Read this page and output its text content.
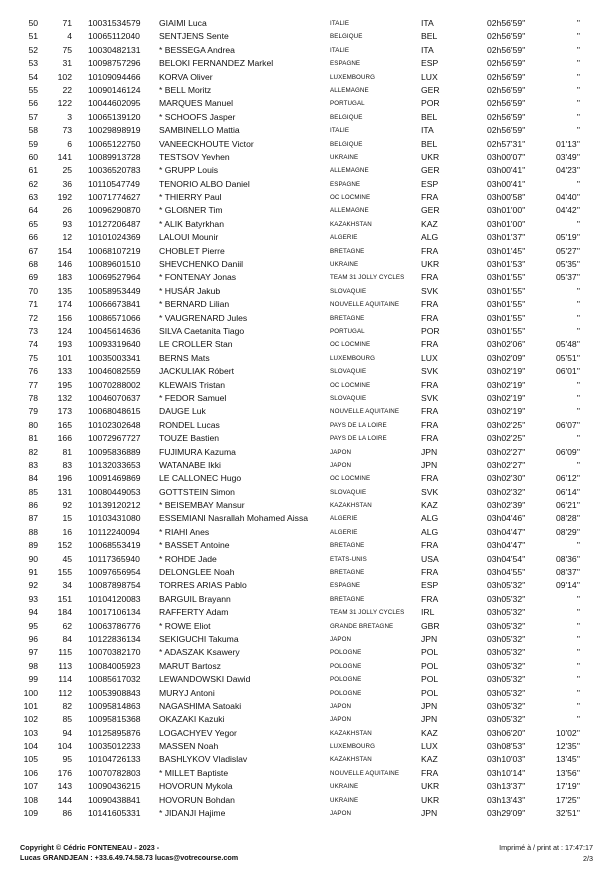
50	71 10031534579 GIAIMI Luca	ITALIE	ITA	02h56'59''	''
51	4 10065112040 SENTJENS Sente	BELGIQUE	BEL	02h56'59''	''
52	75 10030482131 * BESSEGA Andrea	ITALIE	ITA	02h56'59''	''
53	31 10098757296 BELOKI FERNANDEZ Markel	ESPAGNE	ESP	02h56'59''	''
54	102 10109094466 KORVA Oliver	LUXEMBOURG	LUX	02h56'59''	''
55	22 10090146124 * BELL Moritz	ALLEMAGNE	GER	02h56'59''	''
56	122 10044602095 MARQUES Manuel	PORTUGAL	POR	02h56'59''	''
57	3 10065139120 * SCHOOFS Jasper	BELGIQUE	BEL	02h56'59''	''
58	73 10029898919 SAMBINELLO Mattia	ITALIE	ITA	02h56'59''	''
59	6 10065122750 VANEECKHOUTE Victor	BELGIQUE	BEL	02h57'31''	01'13''
60	141 10089913728 TESTSOV Yevhen	UKRAINE	UKR	03h00'07''	03'49''
61	25 10036520783 * GRUPP Louis	ALLEMAGNE	GER	03h00'41''	04'23''
62	36 10110547749 TENORIO ALBO Daniel	ESPAGNE	ESP	03h00'41''	''
63	192 10071774627 * THIERRY Paul	OC LOCMINE	FRA	03h00'58''	04'40''
64	26 10096290870 * GLOßNER Tim	ALLEMAGNE	GER	03h01'00''	04'42''
65	93 10127206487 * ALIK Batyrkhan	KAZAKHSTAN	KAZ	03h01'00''	''
66	12 10101024369 LALOUI Mounir	ALGERIE	ALG	03h01'37''	05'19''
67	154 10068107219 CHOBLET Pierre	BRETAGNE	FRA	03h01'45''	05'27''
68	146 10089601510 SHEVCHENKO Daniil	UKRAINE	UKR	03h01'53''	05'35''
69	183 10069527964 * FONTENAY Jonas	TEAM 31 JOLLY CYCLES FRA	03h01'55''	05'37''
70	135 10058953449 * HUSÁR Jakub	SLOVAQUIE	SVK	03h01'55''	''
71	174 10066673841 * BERNARD Lilian	NOUVELLE AQUITAINE	FRA	03h01'55''	''
72	156 10086571066 * VAUGRENARD Jules	BRETAGNE	FRA	03h01'55''	''
73	124 10045614636 SILVA Caetanita Tiago	PORTUGAL	POR	03h01'55''	''
74	193 10093319640 LE CROLLER Stan	OC LOCMINE	FRA	03h02'06''	05'48''
75	101 10035003341 BERNS Mats	LUXEMBOURG	LUX	03h02'09''	05'51''
76	133 10046082559 JACKULIAK Róbert	SLOVAQUIE	SVK	03h02'19''	06'01''
77	195 10070288002 KLEWAIS Tristan	OC LOCMINE	FRA	03h02'19''	''
78	132 10046070637 * FEDOR Samuel	SLOVAQUIE	SVK	03h02'19''	''
79	173 10068048615 DAUGE Luk	NOUVELLE AQUITAINE	FRA	03h02'19''	''
80	165 10102302648 RONDEL Lucas	PAYS DE LA LOIRE	FRA	03h02'25''	06'07''
81	166 10072967727 TOUZE Bastien	PAYS DE LA LOIRE	FRA	03h02'25''	''
82	81 10095836889 FUJIMURA Kazuma	JAPON	JPN	03h02'27''	06'09''
83	83 10132033653 WATANABE Ikki	JAPON	JPN	03h02'27''	''
84	196 10091469869 LE CALLONEC Hugo	OC LOCMINE	FRA	03h02'30''	06'12''
85	131 10080449053 GOTTSTEIN Simon	SLOVAQUIE	SVK	03h02'32''	06'14''
86	92 10139120212 * BEISEMBAY Mansur	KAZAKHSTAN	KAZ	03h02'39''	06'21''
87	15 10103431080 ESSEMIANI Nasrallah Mohamed Aissa	ALGERIE	ALG	03h04'46''	08'28''
88	16 10112240094 * RIAHI Anes	ALGERIE	ALG	03h04'47''	08'29''
89	152 10068553419 * BASSET Antoine	BRETAGNE	FRA	03h04'47''	''
90	45 10117365940 * ROHDE Jade	ETATS-UNIS	USA	03h04'54''	08'36''
91	155 10097656954 DELONGLEE Noah	BRETAGNE	FRA	03h04'55''	08'37''
92	34 10087898754 TORRES ARIAS Pablo	ESPAGNE	ESP	03h05'32''	09'14''
93	151 10104120083 BARGUIL Brayann	BRETAGNE	FRA	03h05'32''	''
94	184 10017106134 RAFFERTY Adam	TEAM 31 JOLLY CYCLES IRL	03h05'32''	''
95	62 10063786776 * ROWE Eliot	GRANDE BRETAGNE	GBR	03h05'32''	''
96	84 10122836134 SEKIGUCHI Takuma	JAPON	JPN	03h05'32''	''
97	115 10070382170 * ADASZAK Ksawery	POLOGNE	POL	03h05'32''	''
98	113 10084005923 MARUT Bartosz	POLOGNE	POL	03h05'32''	''
99	114 10085617032 LEWANDOWSKI Dawid	POLOGNE	POL	03h05'32''	''
100	112 10053908843 MURYJ Antoni	POLOGNE	POL	03h05'32''	''
101	82 10095814863 NAGASHIMA Satoaki	JAPON	JPN	03h05'32''	''
102	85 10095815368 OKAZAKI Kazuki	JAPON	JPN	03h05'32''	''
103	94 10125895876 LOGACHYEV Yegor	KAZAKHSTAN	KAZ	03h06'20''	10'02''
104	104 10035012233 MASSEN Noah	LUXEMBOURG	LUX	03h08'53''	12'35''
105	95 10104726133 BASHLYKOV Vladislav	KAZAKHSTAN	KAZ	03h10'03''	13'45''
106	176 10070782803 * MILLET Baptiste	NOUVELLE AQUITAINE	FRA	03h10'14''	13'56''
107	143 10090436215 HOVORUN Mykola	UKRAINE	UKR	03h13'37''	17'19''
108	144 10090438841 HOVORUN Bohdan	UKRAINE	UKR	03h13'43''	17'25''
109	86 10141605331 * JIDANJI Hajime	JAPON	JPN	03h29'09''	32'51''
Copyright © Cédric FONTENEAU - 2023 -
Lucas GRANDJEAN : +33.6.49.74.58.73 lucas@votrecourse.com
Imprimé à / print at : 17:47:17
2/3
